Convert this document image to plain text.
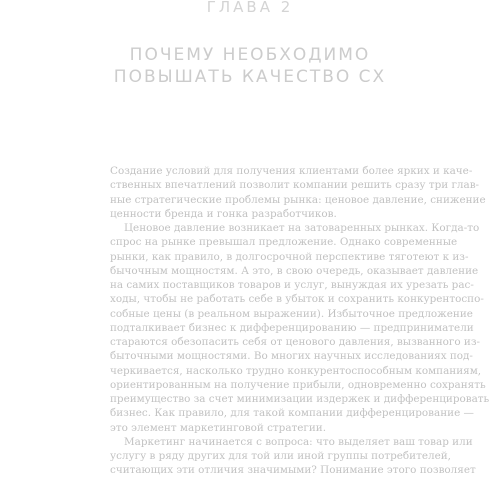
ГЛАВА 2
ПОЧЕМУ НЕОБХОДИМО
ПОВЫШАТЬ КАЧЕСТВО СХ
Создание условий для получения клиентами более ярких и каче-
ственных впечатлений позволит компании решить сразу три глав-
ные стратегические проблемы рынка: ценовое давление, снижение
ценности бренда и гонка разработчиков.
Ценовое давление возникает на затоваренных рынках. Когда-то
спрос на рынке превышал предложение. Однако современные
рынки, как правило, в долгосрочной перспективе тяготеют к из-
бычочным мощностям. А это, в свою очередь, оказывает давление
на самих поставщиков товаров и услуг, вынуждая их урезать рас-
ходы, чтобы не работать себе в убыток и сохранить конкурентоспо-
собные цены (в реальном выражении). Избыточное предложение
подталкивает бизнес к дифференцированию — предприниматели
стараются обезопасить себя от ценового давления, вызванного из-
быточными мощностями. Во многих научных исследованиях под-
черкивается, насколько трудно конкурентоспособным компаниям,
ориентированным на получение прибыли, одновременно сохранять
преимущество за счет минимизации издержек и дифференцировать
бизнес. Как правило, для такой компании дифференцирование —
это элемент маркетинговой стратегии.
Маркетинг начинается с вопроса: что выделяет ваш товар или
услугу в ряду других для той или иной группы потребителей,
считающих эти отличия значимыми? Понимание этого позволяет
